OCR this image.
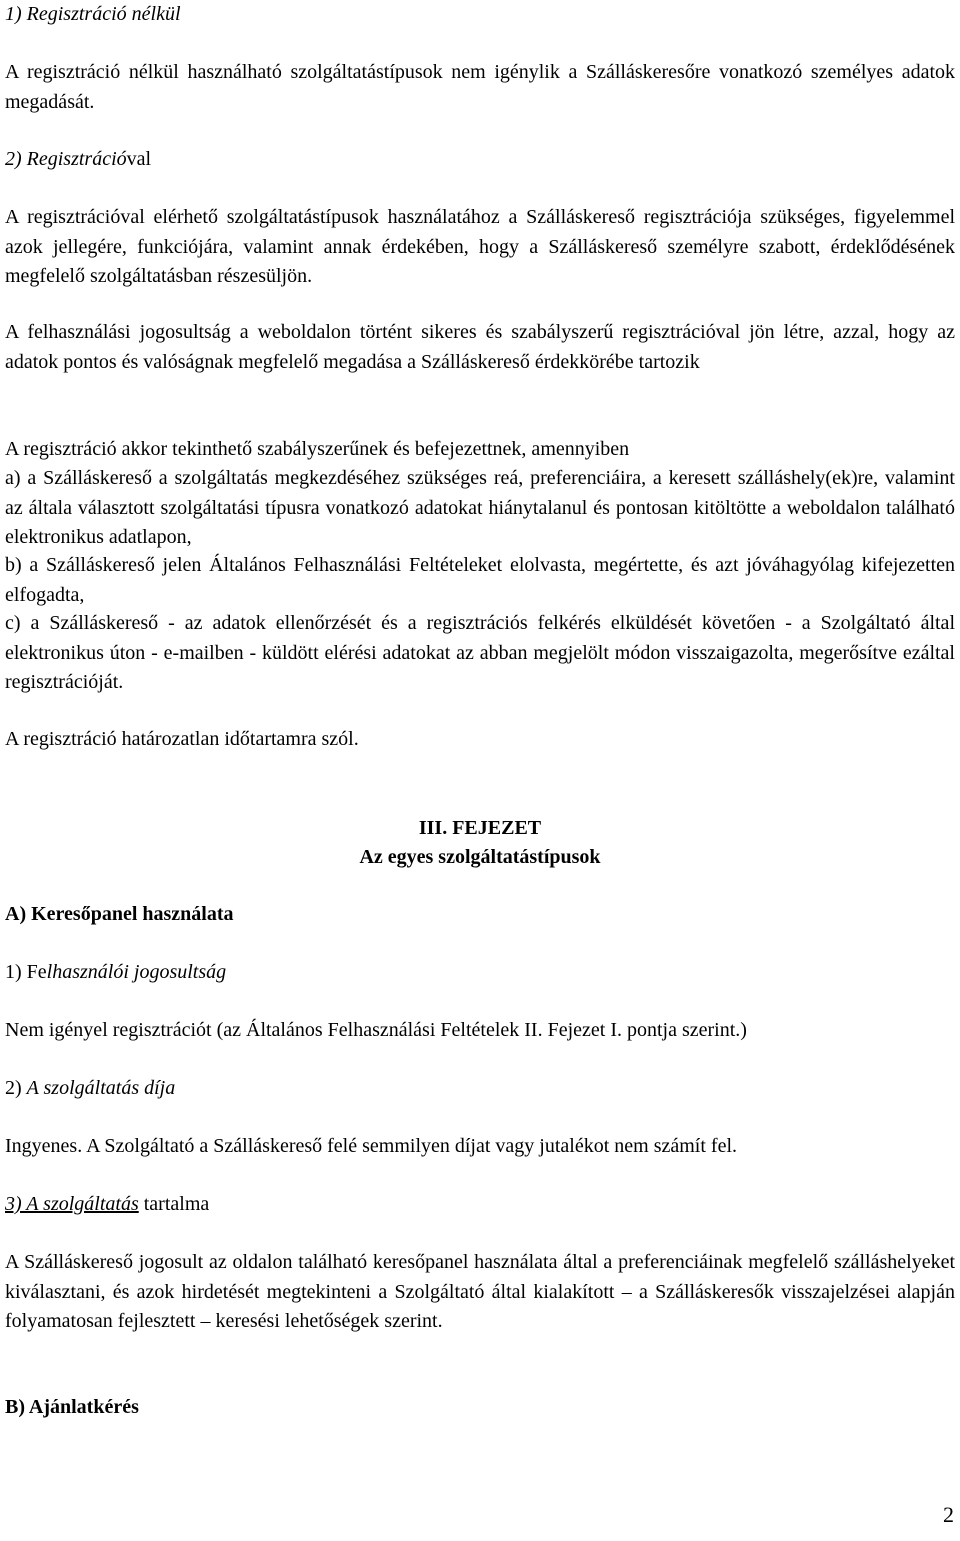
1) Regisztráció nélkül

A regisztráció nélkül használható szolgáltatástípusok nem igénylik a Szálláskeresőre vonatkozó személyes adatok megadását.

2) Regisztrációval

A regisztrációval elérhető szolgáltatástípusok használatához a Szálláskereső regisztrációja szükséges, figyelemmel azok jellegére, funkciójára, valamint annak érdekében, hogy a Szálláskereső személyre szabott, érdeklődésének megfelelő szolgáltatásban részesüljön.

A felhasználási jogosultság a weboldalon történt sikeres és szabályszerű regisztrációval jön létre, azzal, hogy az adatok pontos és valóságnak megfelelő megadása a Szálláskereső érdekkörébe tartozik

A regisztráció akkor tekinthető szabályszerűnek és befejezettnek, amennyiben

a) a Szálláskereső a szolgáltatás megkezdéséhez szükséges reá, preferenciáira, a keresett szálláshely(ek)re, valamint az általa választott szolgáltatási típusra vonatkozó adatokat hiánytalanul és pontosan kitöltötte a weboldalon található elektronikus adatlapon,

b) a Szálláskereső jelen Általános Felhasználási Feltételeket elolvasta, megértette, és azt jóváhagyólag kifejezetten elfogadta,

c) a Szálláskereső - az adatok ellenőrzését és a regisztrációs felkérés elküldését követően - a Szolgáltató által elektronikus úton - e-mailben - küldött elérési adatokat az abban megjelölt módon visszaigazolta, megerősítve ezáltal regisztrációját.

A regisztráció határozatlan időtartamra szól.

III. FEJEZET
Az egyes szolgáltatástípusok

A) Keresőpanel használata

1) Felhasználói jogosultság

Nem igényel regisztrációt (az Általános Felhasználási Feltételek II. Fejezet I. pontja szerint.)

2) A szolgáltatás díja

Ingyenes. A Szolgáltató a Szálláskereső felé semmilyen díjat vagy jutalékot nem számít fel.

3) A szolgáltatás tartalma

A Szálláskereső jogosult az oldalon található keresőpanel használata által a preferenciáinak megfelelő szálláshelyeket kiválasztani, és azok hirdetését megtekinteni a Szolgáltató által kialakított – a Szálláskeresők visszajelzései alapján folyamatosan fejlesztett – keresési lehetőségek szerint.

B) Ajánlatkérés

2
